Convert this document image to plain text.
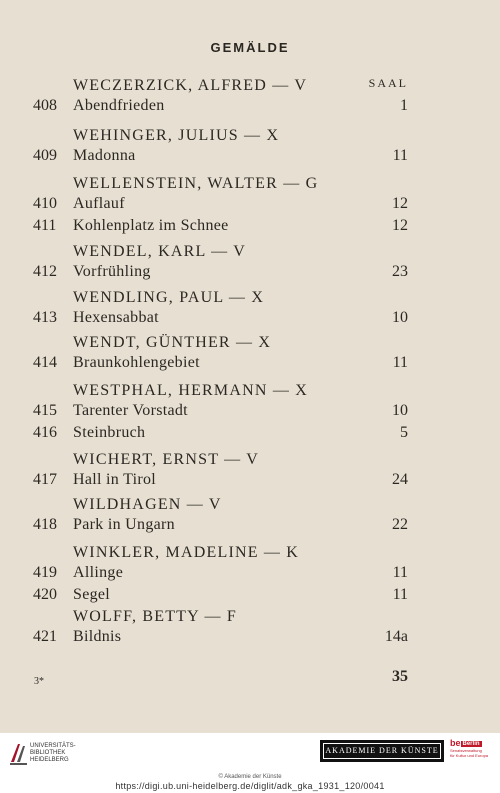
GEMÄLDE
SAAL
WECZERZICK, ALFRED — V
408	Abendfrieden	1
WEHINGER, JULIUS — X
409	Madonna	11
WELLENSTEIN, WALTER — G
410	Auflauf	12
411	Kohlenplatz im Schnee	12
WENDEL, KARL — V
412	Vorfrühling	23
WENDLING, PAUL — X
413	Hexensabbat	10
WENDT, GÜNTHER — X
414	Braunkohlengebiet	11
WESTPHAL, HERMANN — X
415	Tarenter Vorstadt	10
416	Steinbruch	5
WICHERT, ERNST — V
417	Hall in Tirol	24
WILDHAGEN — V
418	Park in Ungarn	22
WINKLER, MADELINE — K
419	Allinge	11
420	Segel	11
WOLFF, BETTY — F
421	Bildnis	14a
3*	35
UNIVERSITÄTS-
BIBLIOTHEK
HEIDELBERG
AKADEMIE DER KÜNSTE
be Berlin
Senatsverwaltung
für Kultur und Europa
© Akademie der Künste
https://digi.ub.uni-heidelberg.de/diglit/adk_gka_1931_120/0041
